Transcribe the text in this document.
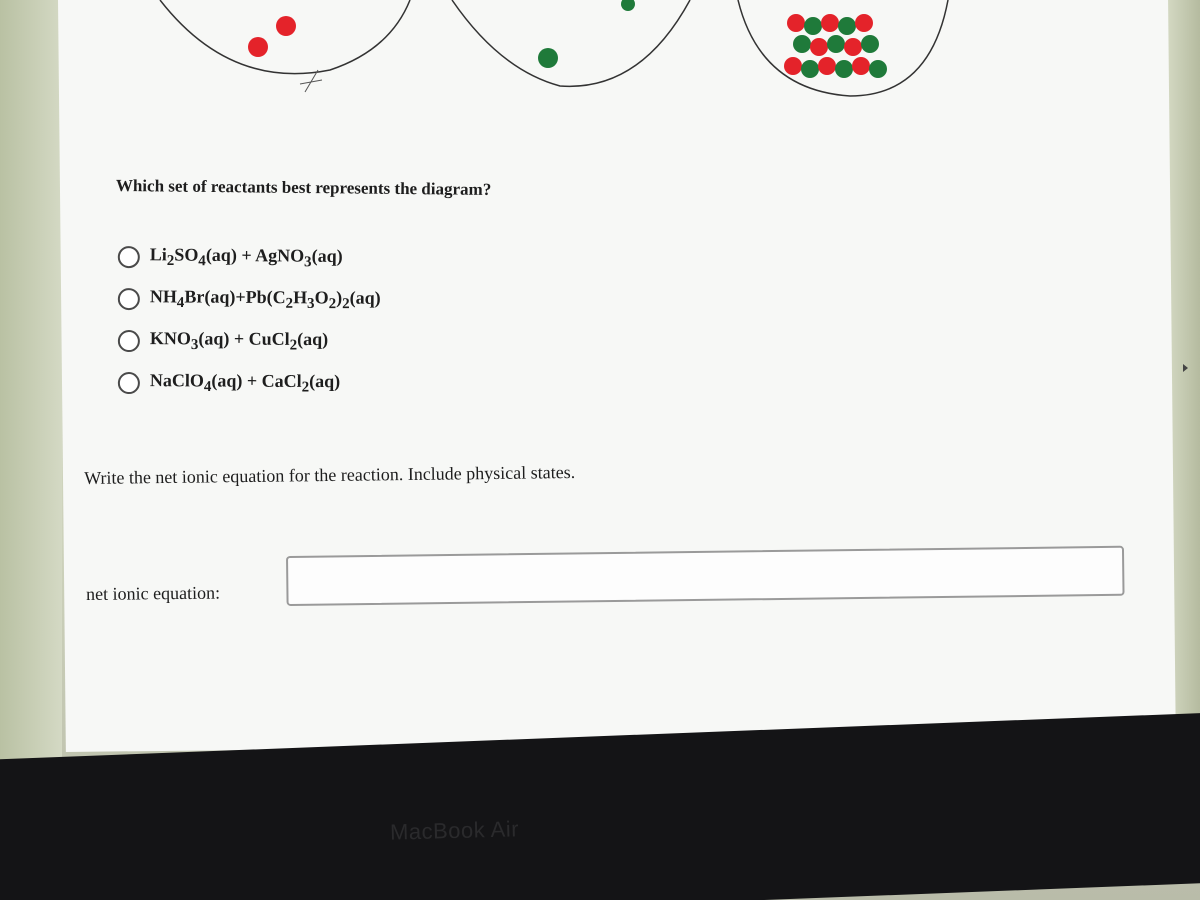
Which set of reactants best represents the diagram?
$Li_2SO_4(aq)$ + AgNO$_3$(aq)
$NH_4Br(aq)+Pb(C_2H_3O_2)_2(aq)$
$KNO_3(aq)$ + CuCl$_2$(aq)
NaClO$_4$(aq) + CaCl$_2$(aq)
Write the net ionic equation for the reaction. Include physical states.
net ionic equation:
MacBook Air
